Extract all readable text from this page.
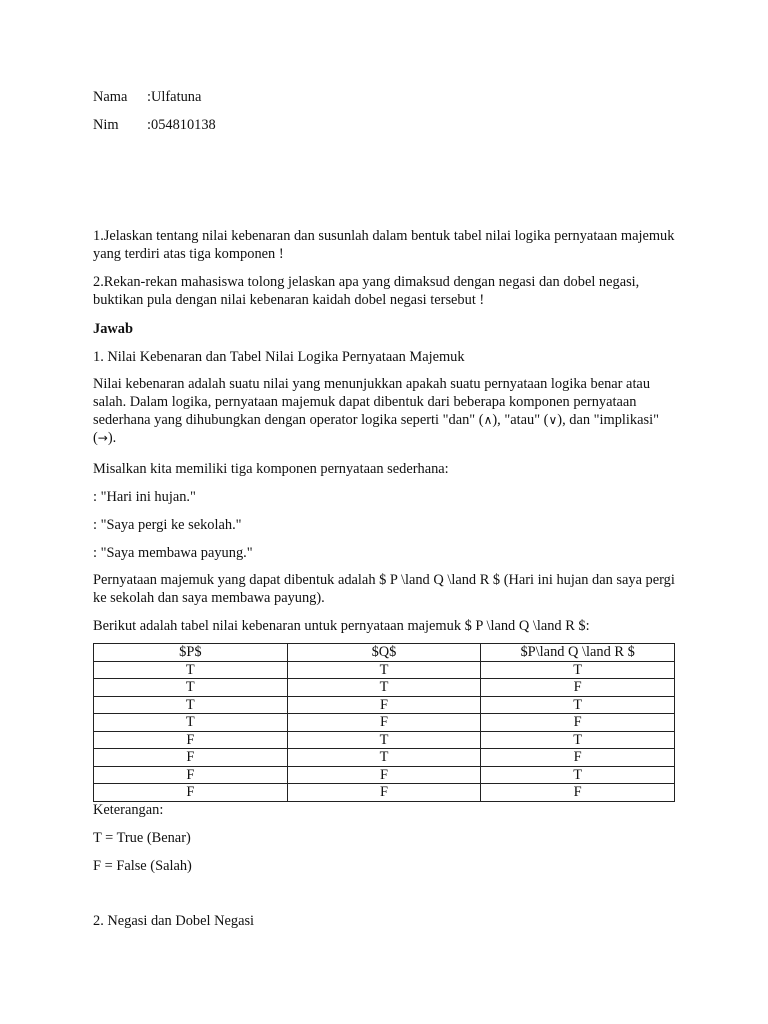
Nama :Ulfatuna
Nim :054810138

1.Jelaskan tentang nilai kebenaran dan susunlah dalam bentuk tabel nilai logika pernyataan majemuk yang terdiri atas tiga komponen !

2.Rekan-rekan mahasiswa tolong jelaskan apa yang dimaksud dengan negasi dan dobel negasi, buktikan pula dengan nilai kebenaran kaidah dobel negasi tersebut !

Jawab

1. Nilai Kebenaran dan Tabel Nilai Logika Pernyataan Majemuk

Nilai kebenaran adalah suatu nilai yang menunjukkan apakah suatu pernyataan logika benar atau salah. Dalam logika, pernyataan majemuk dapat dibentuk dari beberapa komponen pernyataan sederhana yang dihubungkan dengan operator logika seperti "dan" (∧), "atau" (∨), dan "implikasi" (→).

Misalkan kita memiliki tiga komponen pernyataan sederhana:

: "Hari ini hujan."

: "Saya pergi ke sekolah."

: "Saya membawa payung."

Pernyataan majemuk yang dapat dibentuk adalah $ P \land Q \land R $ (Hari ini hujan dan saya pergi ke sekolah dan saya membawa payung).

Berikut adalah tabel nilai kebenaran untuk pernyataan majemuk $ P \land Q \land R $:

$P$	$Q$	$P\land Q \land R $
T	T	T
T	T	F
T	F	T
T	F	F
F	T	T
F	T	F
F	F	T
F	F	F

Keterangan:

T = True (Benar)

F = False (Salah)

2. Negasi dan Dobel Negasi
